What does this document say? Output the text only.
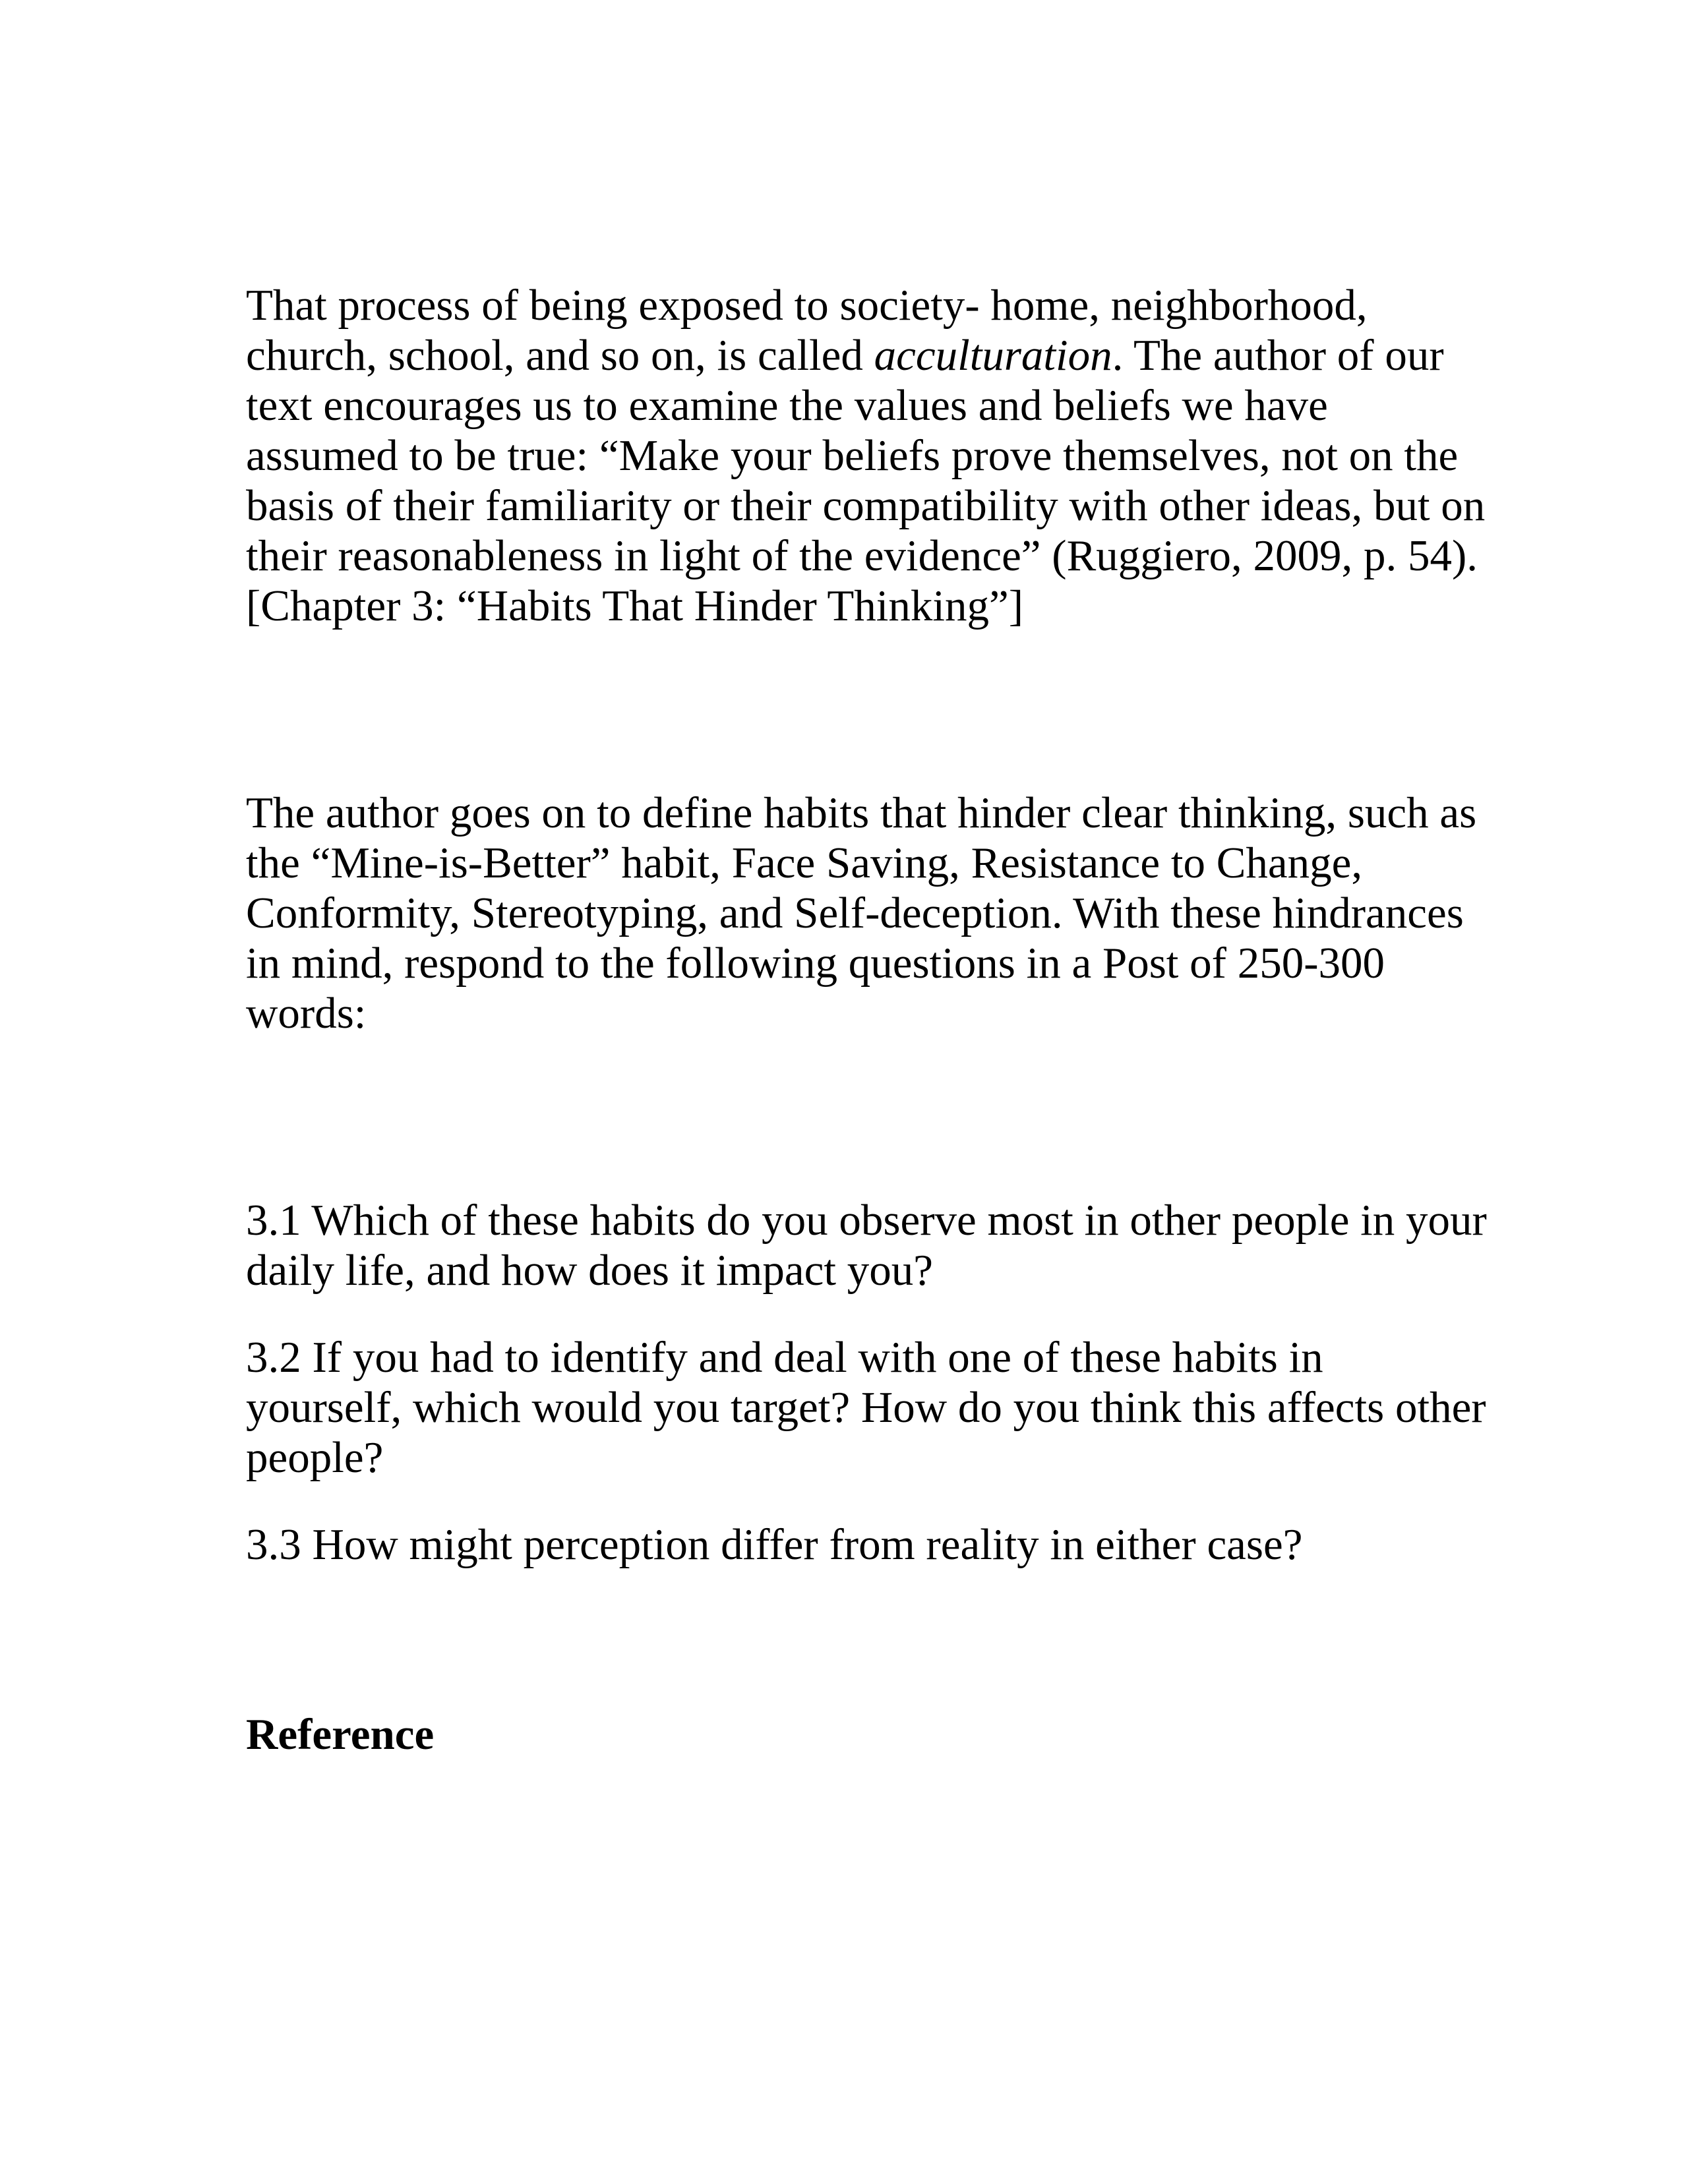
That process of being exposed to society- home, neighborhood,
church, school, and so on, is called acculturation. The author of our
text encourages us to examine the values and beliefs we have
assumed to be true: “Make your beliefs prove themselves, not on the
basis of their familiarity or their compatibility with other ideas, but on
their reasonableness in light of the evidence” (Ruggiero, 2009, p. 54).
[Chapter 3: “Habits That Hinder Thinking”]

The author goes on to define habits that hinder clear thinking, such as
the “Mine-is-Better” habit, Face Saving, Resistance to Change,
Conformity, Stereotyping, and Self-deception. With these hindrances
in mind, respond to the following questions in a Post of 250-300
words:

3.1 Which of these habits do you observe most in other people in your
daily life, and how does it impact you?

3.2 If you had to identify and deal with one of these habits in
yourself, which would you target? How do you think this affects other
people?

3.3 How might perception differ from reality in either case?

Reference
